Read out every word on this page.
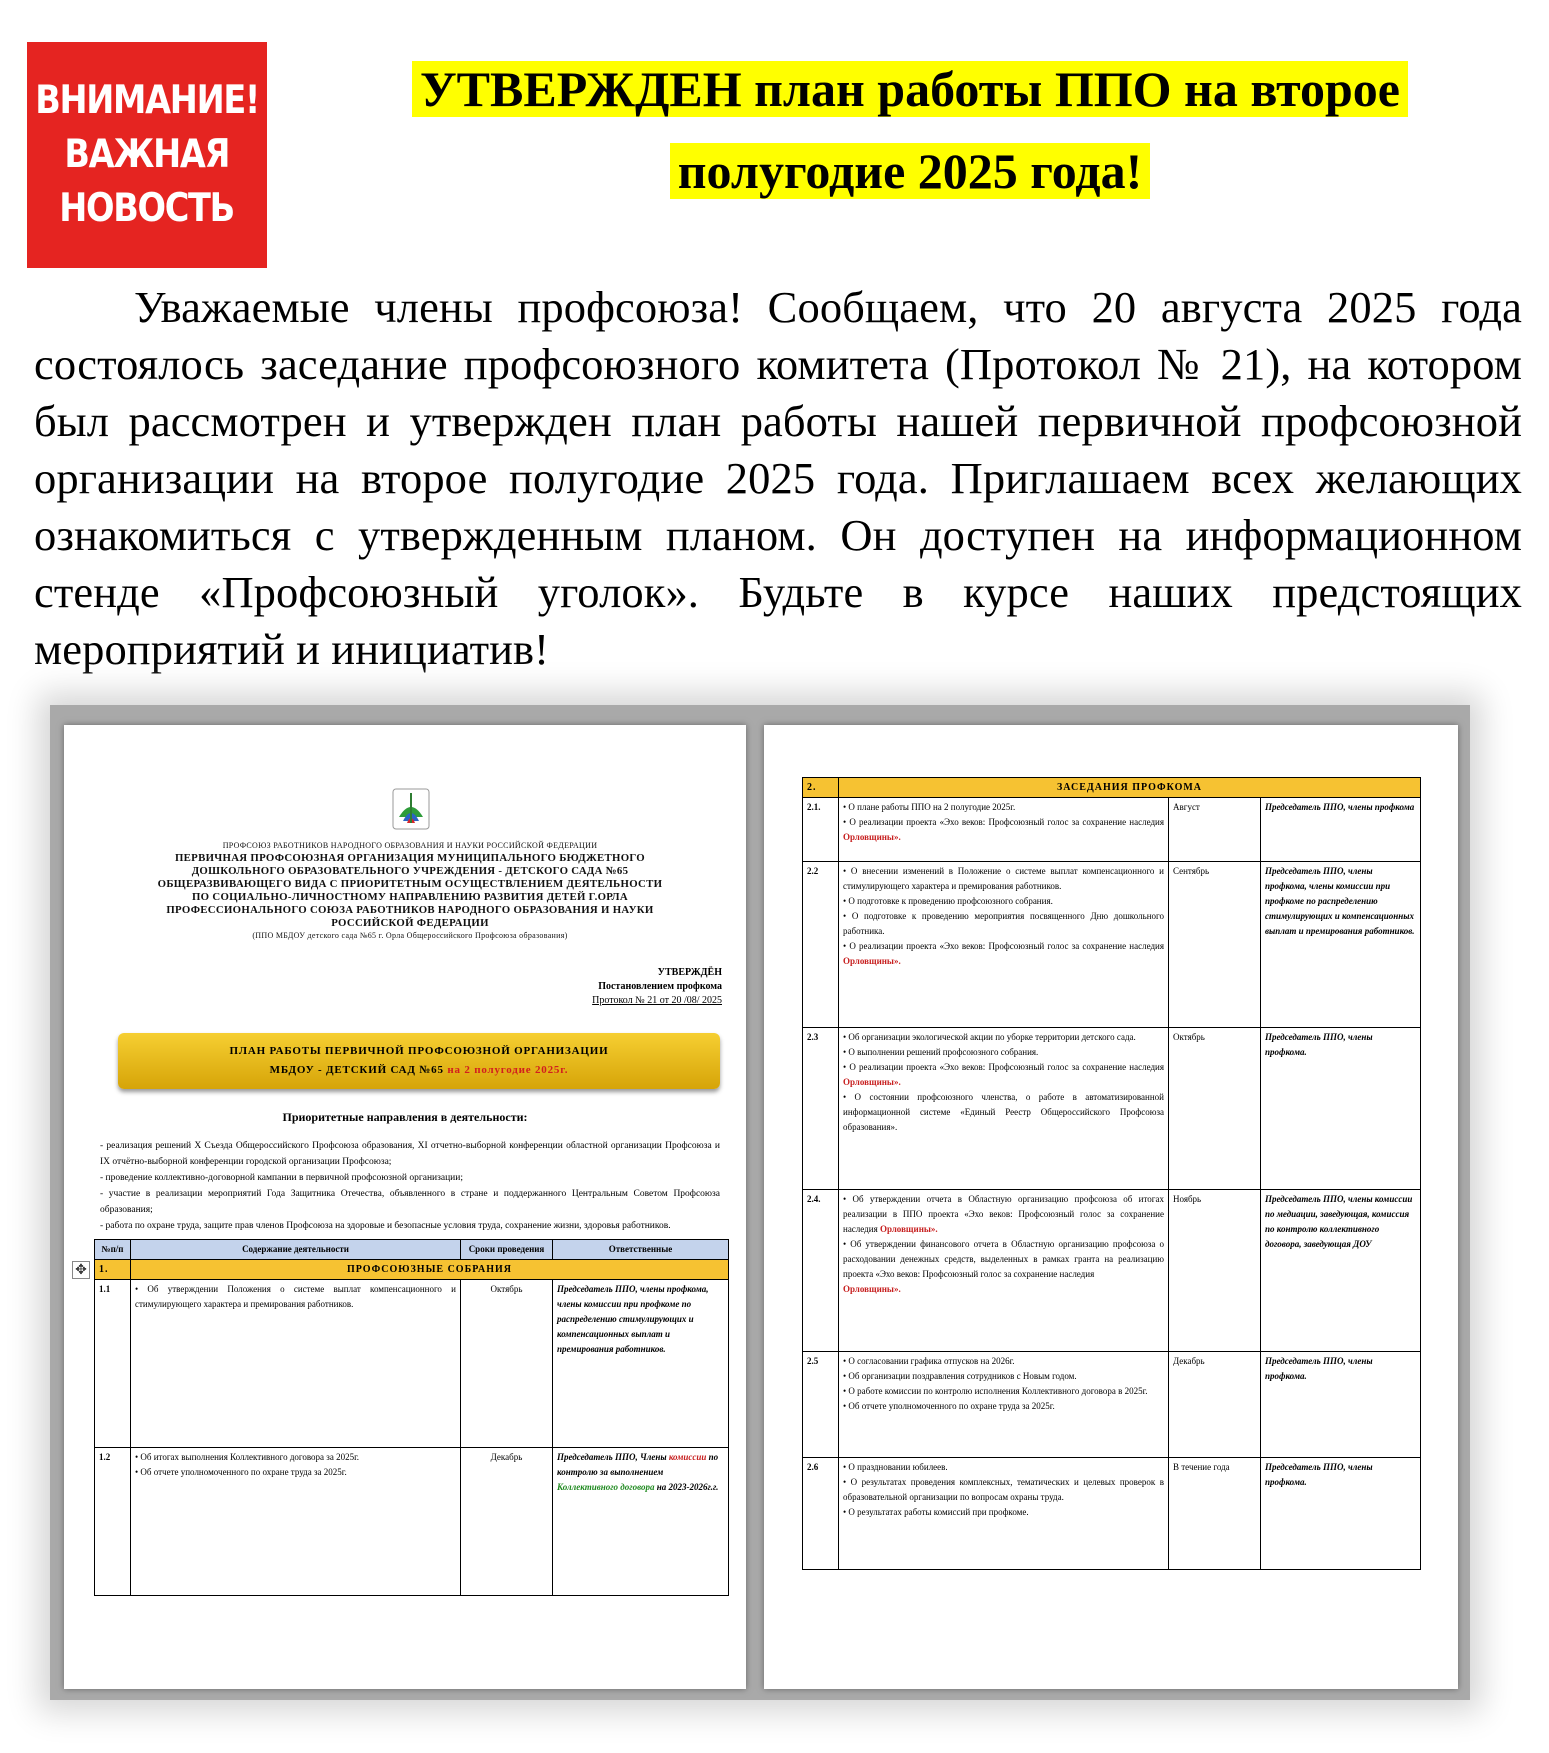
ВНИМАНИЕ!
ВАЖНАЯ
НОВОСТЬ
УТВЕРЖДЕН план работы ППО на второе
полугодие 2025 года!

Уважаемые члены профсоюза! Сообщаем, что 20 августа 2025 года состоялось заседание профсоюзного комитета (Протокол № 21), на котором был рассмотрен и утвержден план работы нашей первичной профсоюзной организации на второе полугодие 2025 года. Приглашаем всех желающих ознакомиться с утвержденным планом. Он доступен на информационном стенде «Профсоюзный уголок». Будьте в курсе наших предстоящих мероприятий и инициатив!

ПРОФСОЮЗ РАБОТНИКОВ НАРОДНОГО ОБРАЗОВАНИЯ И НАУКИ РОССИЙСКОЙ ФЕДЕРАЦИИ
ПЕРВИЧНАЯ ПРОФСОЮЗНАЯ ОРГАНИЗАЦИЯ МУНИЦИПАЛЬНОГО БЮДЖЕТНОГО
ДОШКОЛЬНОГО ОБРАЗОВАТЕЛЬНОГО УЧРЕЖДЕНИЯ - ДЕТСКОГО САДА №65
ОБЩЕРАЗВИВАЮЩЕГО ВИДА С ПРИОРИТЕТНЫМ ОСУЩЕСТВЛЕНИЕМ ДЕЯТЕЛЬНОСТИ
ПО СОЦИАЛЬНО-ЛИЧНОСТНОМУ НАПРАВЛЕНИЮ РАЗВИТИЯ ДЕТЕЙ Г.ОРЛА
ПРОФЕССИОНАЛЬНОГО СОЮЗА РАБОТНИКОВ НАРОДНОГО ОБРАЗОВАНИЯ И НАУКИ
РОССИЙСКОЙ ФЕДЕРАЦИИ
(ППО МБДОУ детского сада №65 г. Орла Общероссийского Профсоюза образования)
УТВЕРЖДЁН
Постановлением профкома
Протокол № 21 от 20 /08/ 2025
ПЛАН РАБОТЫ ПЕРВИЧНОЙ ПРОФСОЮЗНОЙ ОРГАНИЗАЦИИ
МБДОУ - ДЕТСКИЙ САД №65 на 2 полугодие 2025г.
Приоритетные направления в деятельности:
- реализация решений X Съезда Общероссийского Профсоюза образования, XI отчетно-выборной конференции областной организации Профсоюза и IX отчётно-выборной конференции городской организации Профсоюза;
- проведение коллективно-договорной кампании в первичной профсоюзной организации;
- участие в реализации мероприятий Года Защитника Отечества, объявленного в стране и поддержанного Центральным Советом Профсоюза образования;
- работа по охране труда, защите прав членов Профсоюза на здоровые и безопасные условия труда, сохранение жизни, здоровья работников.
✥
№п/п	Содержание деятельности	Сроки проведения	Ответственные
1.	ПРОФСОЮЗНЫЕ СОБРАНИЯ		
1.1	• Об утверждении Положения о системе выплат компенсационного и стимулирующего характера и премирования работников.	Октябрь	Председатель ППО, члены профкома, члены комиссии при профкоме по распределению стимулирующих и компенсационных выплат и премирования работников.
1.2	• Об итогах выполнения Коллективного договора за 2025г.
• Об отчете уполномоченного по охране труда за 2025г.	Декабрь	Председатель ППО, Члены комиссии по контролю за выполнением Коллективного договора на 2023-2026г.г.
2.	ЗАСЕДАНИЯ ПРОФКОМА		
2.1.	• О плане работы ППО на 2 полугодие 2025г.
• О реализации проекта «Эхо веков: Профсоюзный голос за сохранение наследия Орловщины».	Август	Председатель ППО, члены профкома
2.2	• О внесении изменений в Положение о системе выплат компенсационного и стимулирующего характера и премирования работников.
• О подготовке к проведению профсоюзного собрания.
• О подготовке к проведению мероприятия посвященного Дню дошкольного работника.
• О реализации проекта «Эхо веков: Профсоюзный голос за сохранение наследия Орловщины».	Сентябрь	Председатель ППО, члены профкома, члены комиссии при профкоме по распределению стимулирующих и компенсационных выплат и премирования работников.
2.3	• Об организации экологической акции по уборке территории детского сада.
• О выполнении решений профсоюзного собрания.
• О реализации проекта «Эхо веков: Профсоюзный голос за сохранение наследия Орловщины».
• О состоянии профсоюзного членства, о работе в автоматизированной информационной системе «Единый Реестр Общероссийского Профсоюза образования».	Октябрь	Председатель ППО, члены профкома.
2.4.	• Об утверждении отчета в Областную организацию профсоюза об итогах реализации в ППО проекта «Эхо веков: Профсоюзный голос за сохранение наследия Орловщины».
• Об утверждении финансового отчета в Областную организацию профсоюза о расходовании денежных средств, выделенных в рамках гранта на реализацию проекта «Эхо веков: Профсоюзный голос за сохранение наследия
Орловщины».	Ноябрь	Председатель ППО, члены комиссии по медиации, заведующая, комиссия по контролю коллективного договора, заведующая ДОУ
2.5	• О согласовании графика отпусков на 2026г.
• Об организации поздравления сотрудников с Новым годом.
• О работе комиссии по контролю исполнения Коллективного договора в 2025г.
• Об отчете уполномоченного по охране труда за 2025г.	Декабрь	Председатель ППО, члены профкома.
2.6	• О праздновании юбилеев.
• О результатах проведения комплексных, тематических и целевых проверок в образовательной организации по вопросам охраны труда.
• О результатах работы комиссий при профкоме.	В течение года	Председатель ППО, члены профкома.
